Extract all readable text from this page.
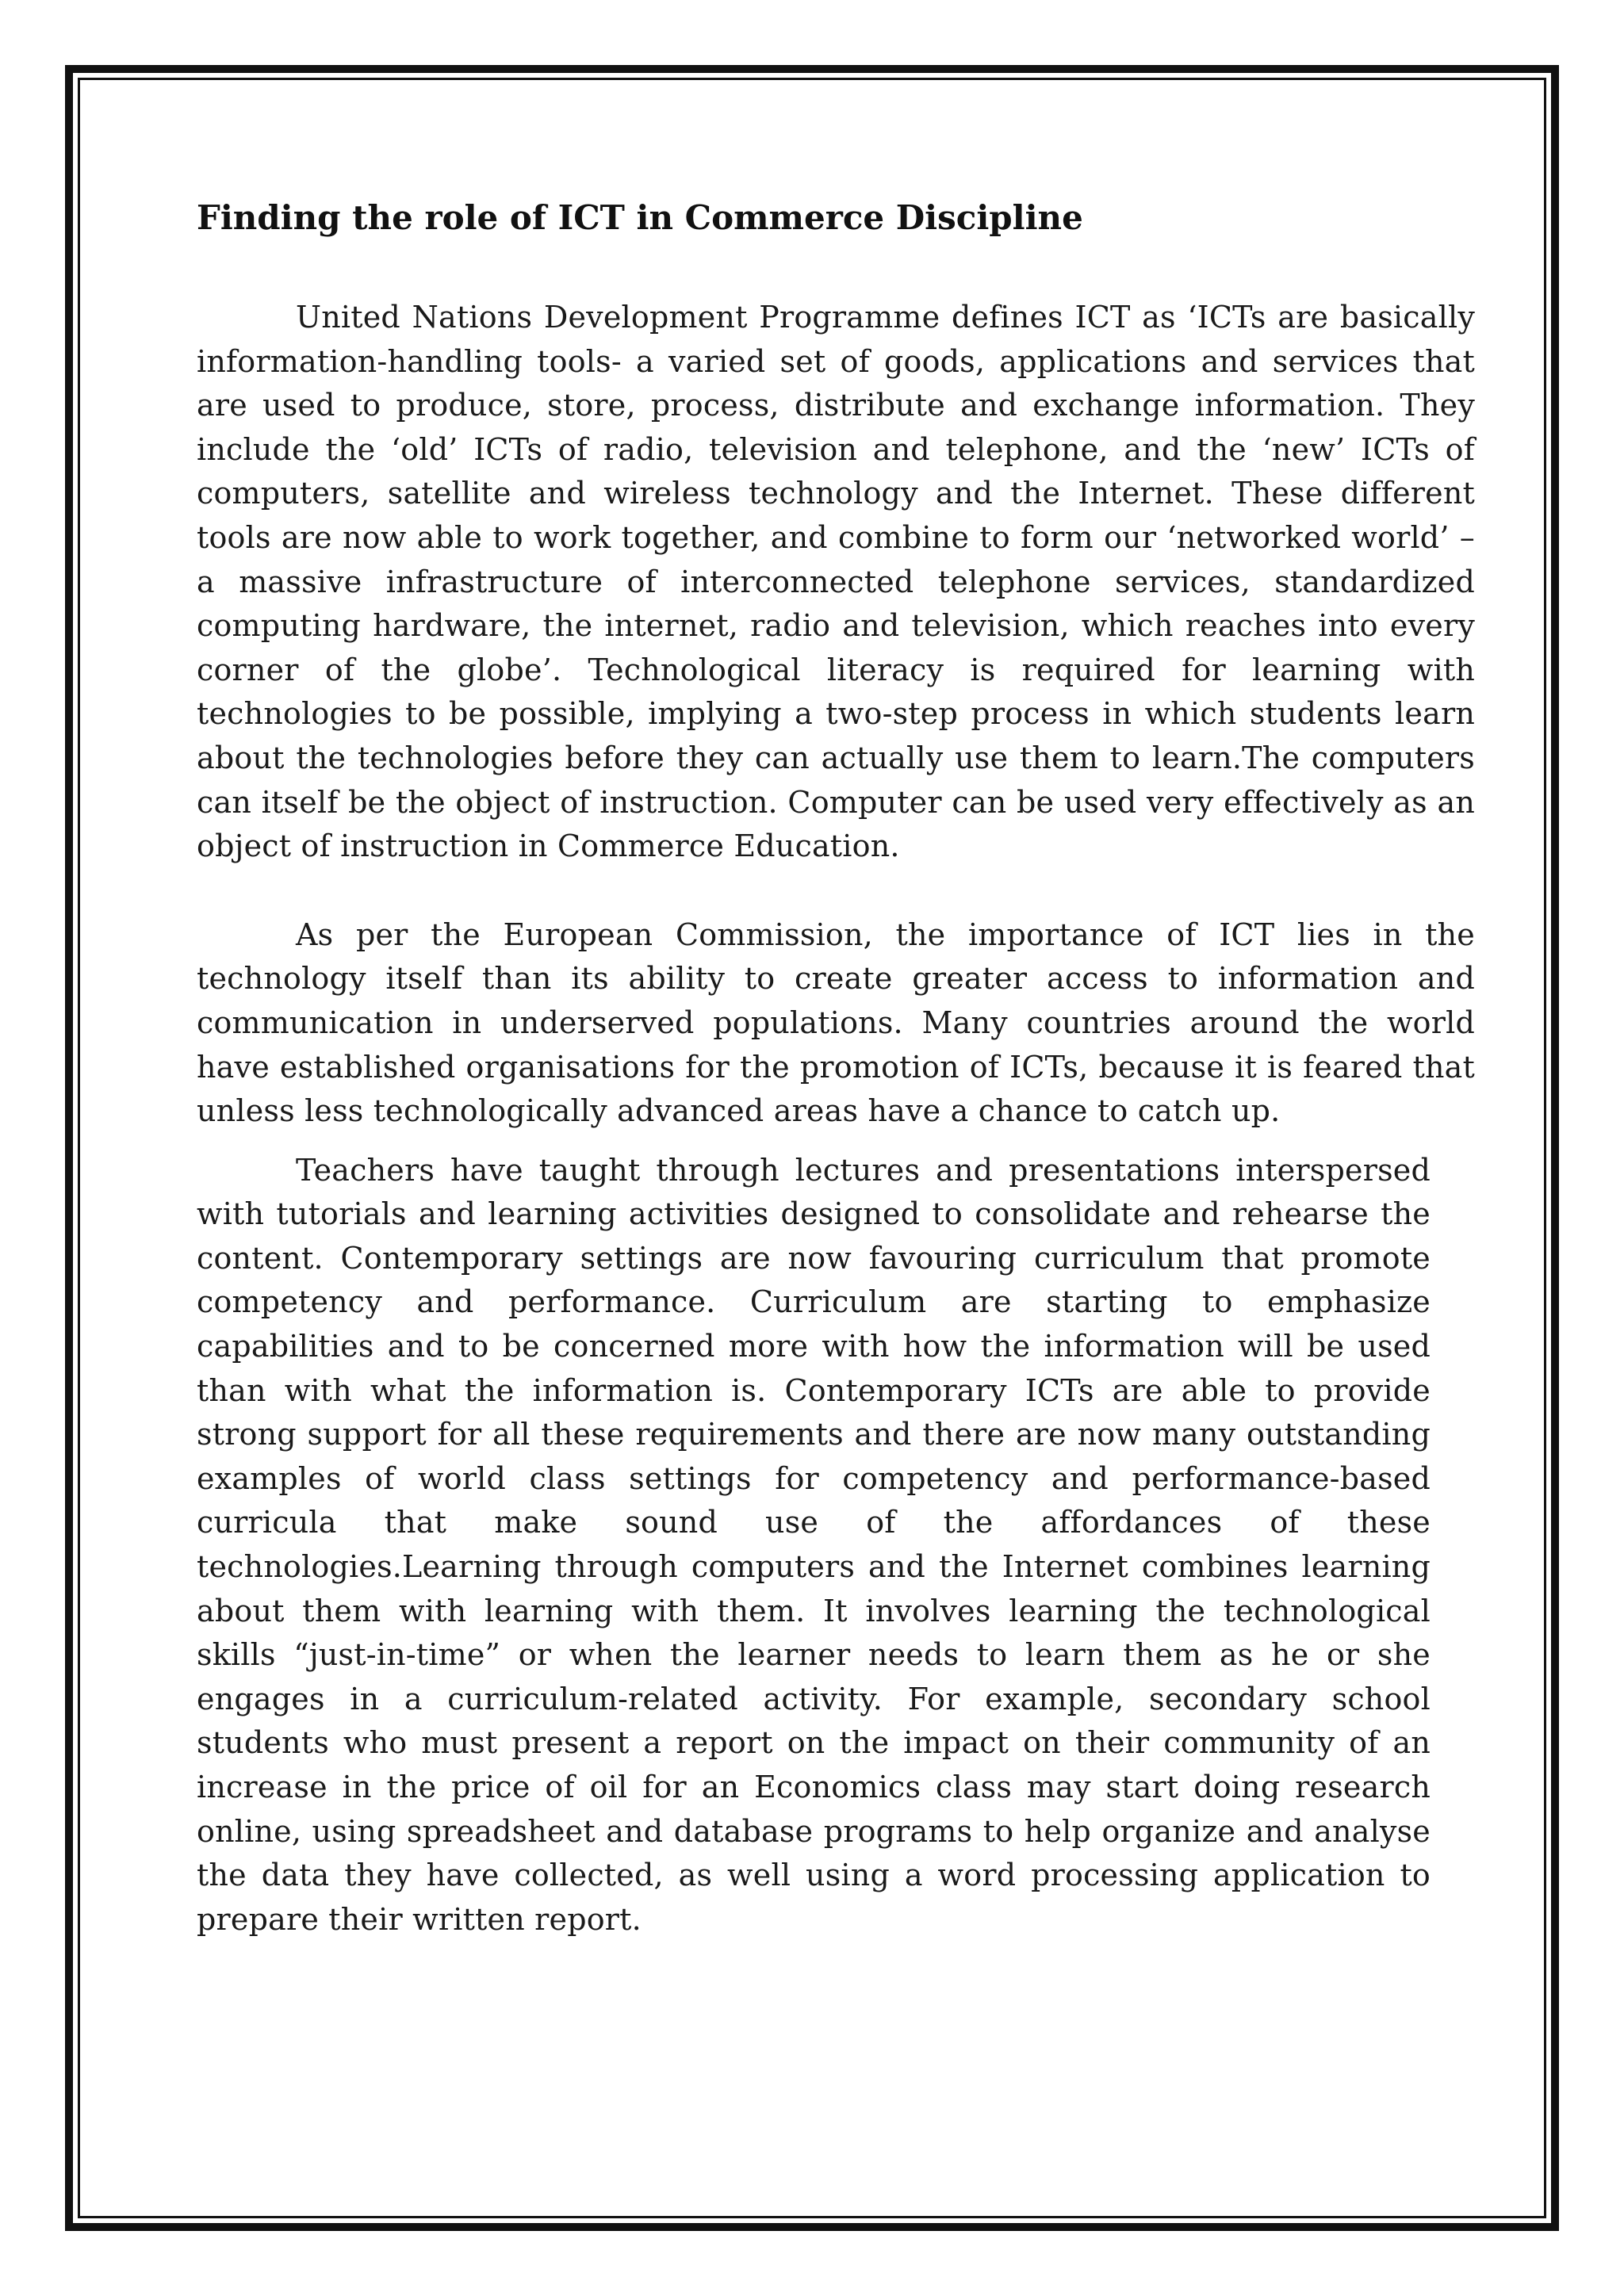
Finding the role of ICT in Commerce Discipline

United Nations Development Programme defines ICT as ‘ICTs are basically information-handling tools- a varied set of goods, applications and services that are used to produce, store, process, distribute and exchange information. They include the ‘old’ ICTs of radio, television and telephone, and the ‘new’ ICTs of computers, satellite and wireless technology and the Internet. These different tools are now able to work together, and combine to form our ‘networked world’ – a massive infrastructure of interconnected telephone services, standardized computing hardware, the internet, radio and television, which reaches into every corner of the globe’. Technological literacy is required for learning with technologies to be possible, implying a two-step process in which students learn about the technologies before they can actually use them to learn.The computers can itself be the object of instruction. Computer can be used very effectively as an object of instruction in Commerce Education.

As per the European Commission, the importance of ICT lies in the technology itself than its ability to create greater access to information and communication in underserved populations. Many countries around the world have established organisations for the promotion of ICTs, because it is feared that unless less technologically advanced areas have a chance to catch up.

Teachers have taught through lectures and presentations interspersed with tutorials and learning activities designed to consolidate and rehearse the content. Contemporary settings are now favouring curriculum that promote competency and performance. Curriculum are starting to emphasize capabilities and to be concerned more with how the information will be used than with what the information is. Contemporary ICTs are able to provide strong support for all these requirements and there are now many outstanding examples of world class settings for competency and performance-based curricula that make sound use of the affordances of these technologies.Learning through computers and the Internet combines learning about them with learning with them. It involves learning the technological skills “just-in-time” or when the learner needs to learn them as he or she engages in a curriculum-related activity. For example, secondary school students who must present a report on the impact on their community of an increase in the price of oil for an Economics class may start doing research online, using spreadsheet and database programs to help organize and analyse the data they have collected, as well using a word processing application to prepare their written report.
